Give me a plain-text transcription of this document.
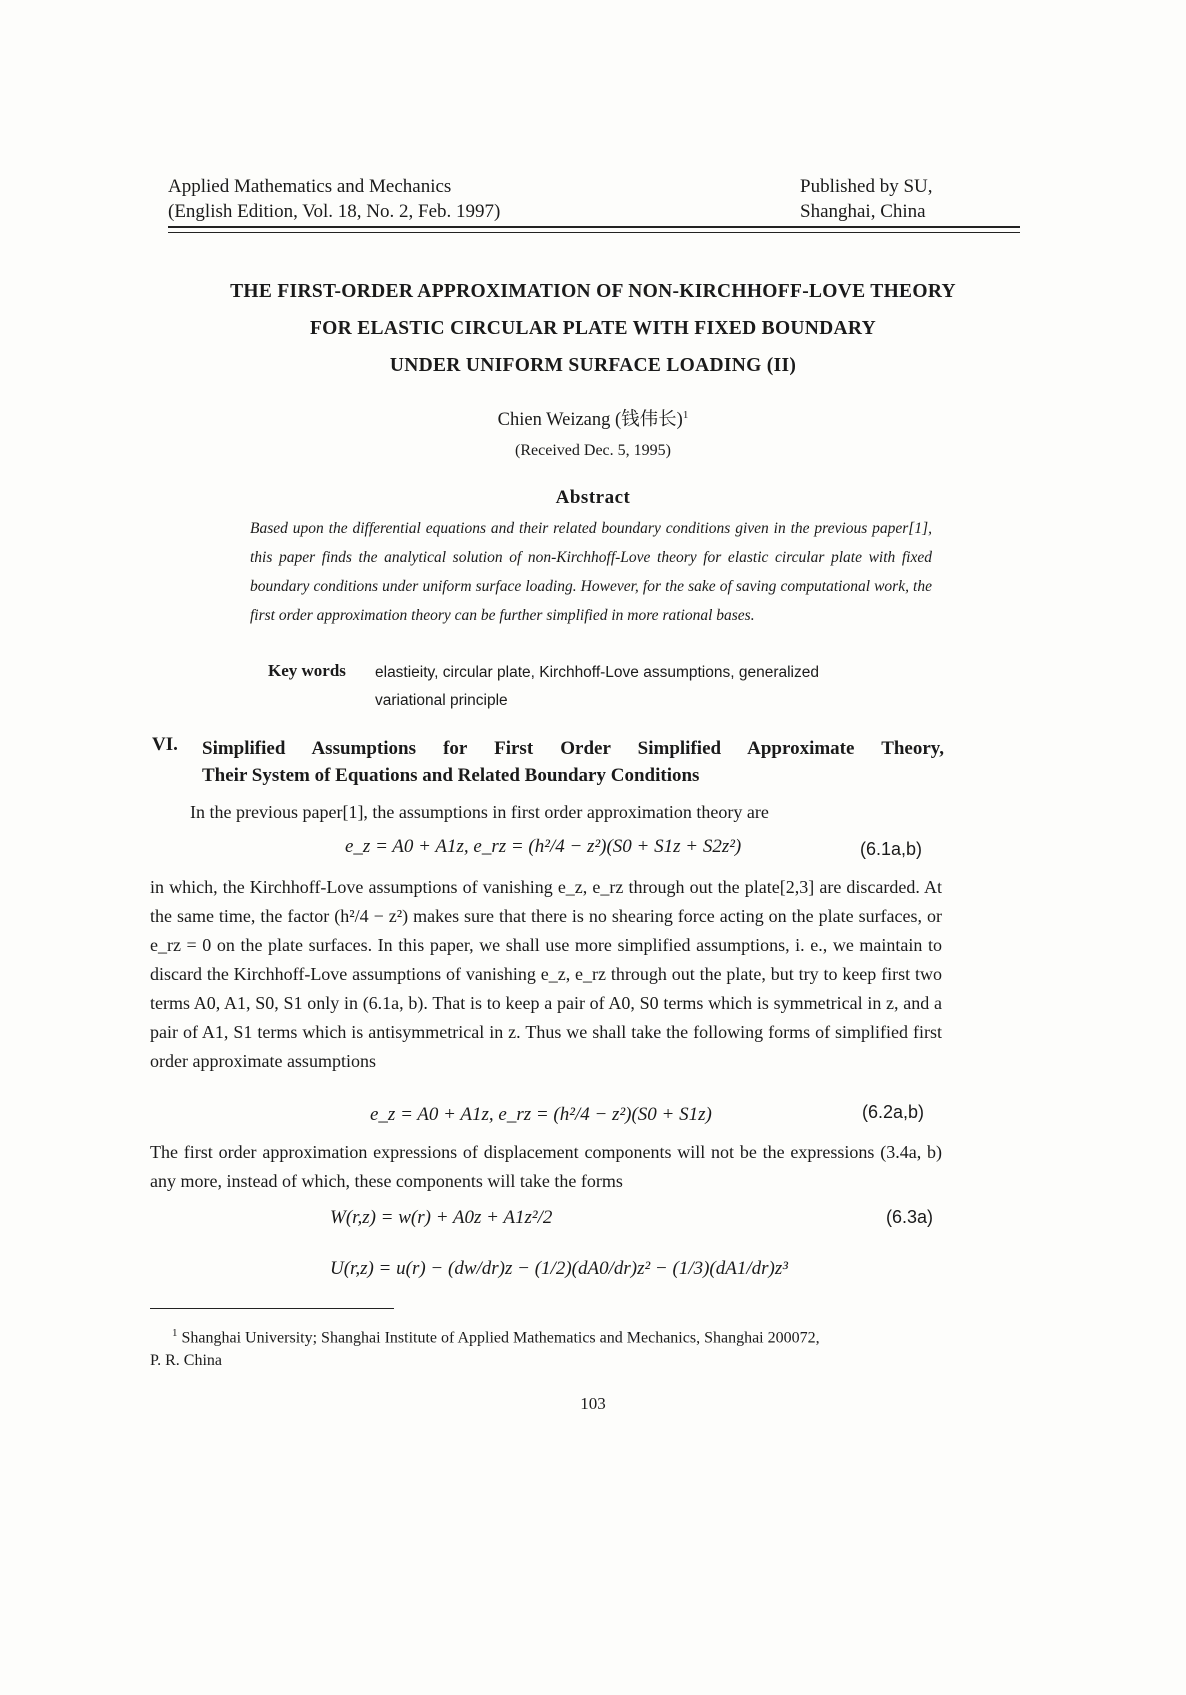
Applied Mathematics and Mechanics
(English Edition, Vol. 18, No. 2, Feb. 1997)
Published by SU,
Shanghai, China
THE FIRST-ORDER APPROXIMATION OF NON-KIRCHHOFF-LOVE THEORY
FOR ELASTIC CIRCULAR PLATE WITH FIXED BOUNDARY
UNDER UNIFORM SURFACE LOADING (II)
Chien Weizang (钱伟长)$^1$
(Received Dec. 5, 1995)
Abstract
Based upon the differential equations and their related boundary conditions given in the previous paper[1], this paper finds the analytical solution of non-Kirchhoff-Love theory for elastic circular plate with fixed boundary conditions under uniform surface loading. However, for the sake of saving computational work, the first order approximation theory can be further simplified in more rational bases.
Key words elastieity, circular plate, Kirchhoff-Love assumptions, generalized variational principle
VI. Simplified Assumptions for First Order Simplified Approximate Theory,
Their System of Equations and Related Boundary Conditions
In the previous paper[1], the assumptions in first order approximation theory are
e_z = A0 + A1z, e_rz = (h²/4 − z²)(S0 + S1z + S2z²)	(6.1a,b)
in which, the Kirchhoff-Love assumptions of vanishing e_z, e_rz through out the plate[2,3] are discarded. At the same time, the factor (h²/4 − z²) makes sure that there is no shearing force acting on the plate surfaces, or e_rz = 0 on the plate surfaces. In this paper, we shall use more simplified assumptions, i. e., we maintain to discard the Kirchhoff-Love assumptions of vanishing e_z, e_rz through out the plate, but try to keep first two terms A0, A1, S0, S1 only in (6.1a, b). That is to keep a pair of A0, S0 terms which is symmetrical in z, and a pair of A1, S1 terms which is antisymmetrical in z. Thus we shall take the following forms of simplified first order approximate assumptions
e_z = A0 + A1z, e_rz = (h²/4 − z²)(S0 + S1z)	(6.2a,b)
The first order approximation expressions of displacement components will not be the expressions (3.4a, b) any more, instead of which, these components will take the forms
W(r,z) = w(r) + A0z + A1z²/2	(6.3a)
U(r,z) = u(r) − (dw/dr)z − (1/2)(dA0/dr)z² − (1/3)(dA1/dr)z³
$^1$ Shanghai University; Shanghai Institute of Applied Mathematics and Mechanics, Shanghai 200072,
P. R. China
103
